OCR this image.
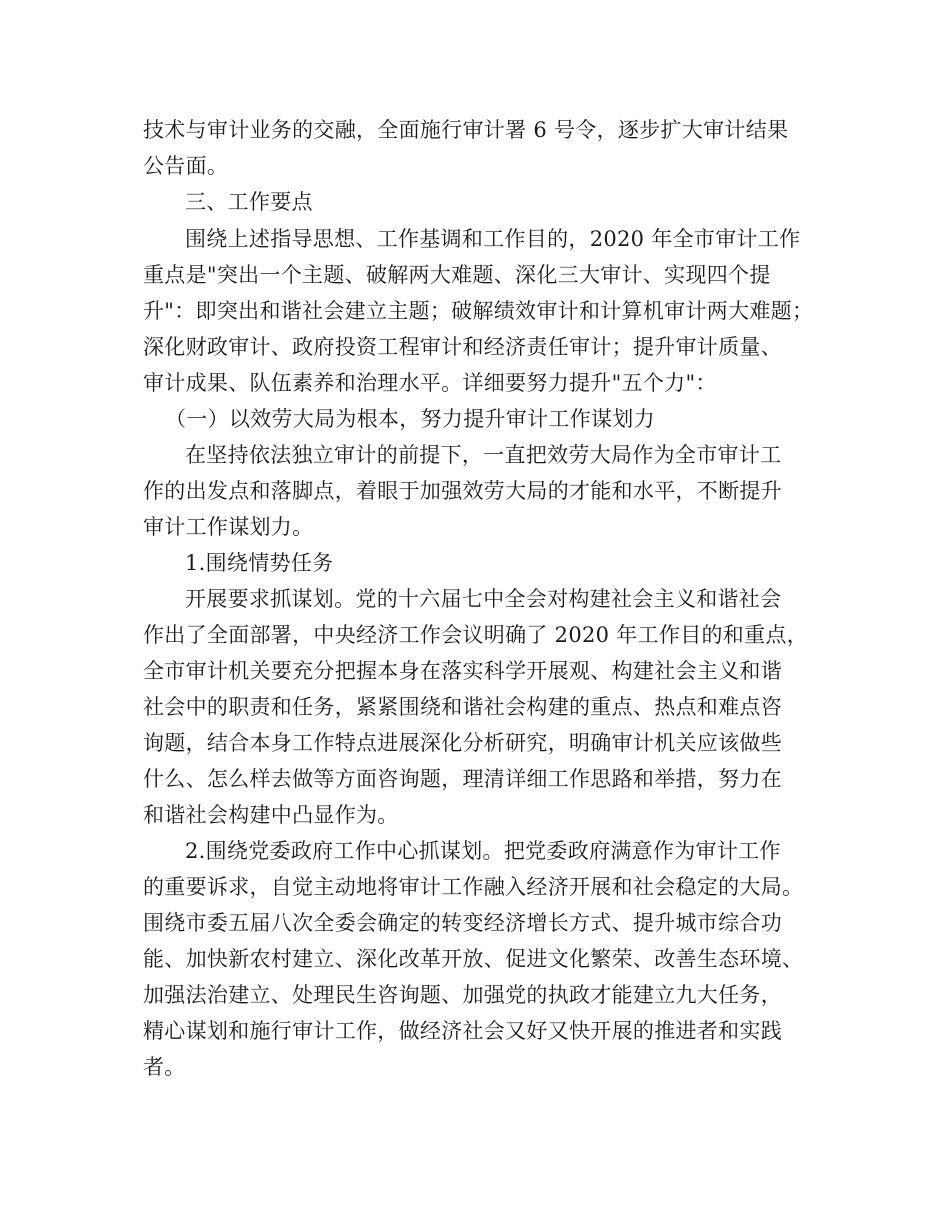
技术与审计业务的交融，全面施行审计署 6 号令，逐步扩大审计结果
公告面。
三、工作要点
围绕上述指导思想、工作基调和工作目的，2020 年全市审计工作
重点是"突出一个主题、破解两大难题、深化三大审计、实现四个提
升"：即突出和谐社会建立主题；破解绩效审计和计算机审计两大难题；
深化财政审计、政府投资工程审计和经济责任审计；提升审计质量、
审计成果、队伍素养和治理水平。详细要努力提升"五个力"：
（一）以效劳大局为根本，努力提升审计工作谋划力
在坚持依法独立审计的前提下，一直把效劳大局作为全市审计工
作的出发点和落脚点，着眼于加强效劳大局的才能和水平，不断提升
审计工作谋划力。
1.围绕情势任务
开展要求抓谋划。党的十六届七中全会对构建社会主义和谐社会
作出了全面部署，中央经济工作会议明确了 2020 年工作目的和重点，
全市审计机关要充分把握本身在落实科学开展观、构建社会主义和谐
社会中的职责和任务，紧紧围绕和谐社会构建的重点、热点和难点咨
询题，结合本身工作特点进展深化分析研究，明确审计机关应该做些
什么、怎么样去做等方面咨询题，理清详细工作思路和举措，努力在
和谐社会构建中凸显作为。
2.围绕党委政府工作中心抓谋划。把党委政府满意作为审计工作
的重要诉求，自觉主动地将审计工作融入经济开展和社会稳定的大局。
围绕市委五届八次全委会确定的转变经济增长方式、提升城市综合功
能、加快新农村建立、深化改革开放、促进文化繁荣、改善生态环境、
加强法治建立、处理民生咨询题、加强党的执政才能建立九大任务，
精心谋划和施行审计工作，做经济社会又好又快开展的推进者和实践
者。
